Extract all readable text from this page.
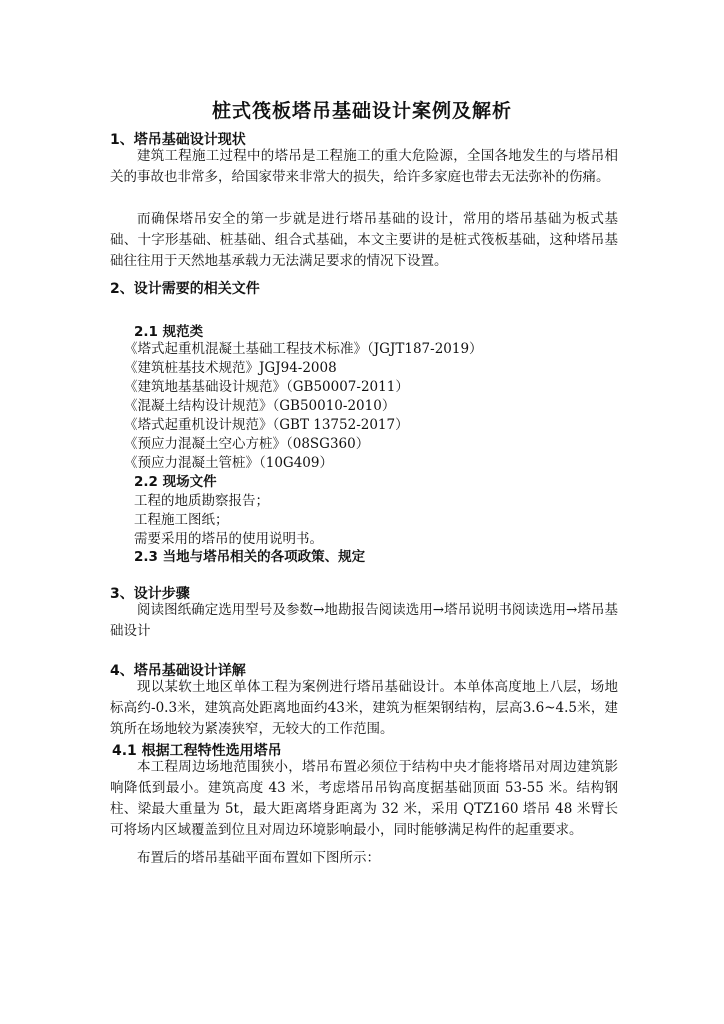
桩式筏板塔吊基础设计案例及解析
1、塔吊基础设计现状

建筑工程施工过程中的塔吊是工程施工的重大危险源，全国各地发生的与塔吊相关的事故也非常多，给国家带来非常大的损失，给许多家庭也带去无法弥补的伤痛。

而确保塔吊安全的第一步就是进行塔吊基础的设计，常用的塔吊基础为板式基础、十字形基础、桩基础、组合式基础，本文主要讲的是桩式筏板基础，这种塔吊基础往往用于天然地基承载力无法满足要求的情况下设置。

2、设计需要的相关文件
2.1 规范类
《塔式起重机混凝土基础工程技术标准》（JGJT187-2019）
《建筑桩基技术规范》JGJ94-2008
《建筑地基基础设计规范》（GB50007-2011）
《混凝土结构设计规范》（GB50010-2010）
《塔式起重机设计规范》（GBT 13752-2017）
《预应力混凝土空心方桩》（08SG360）
《预应力混凝土管桩》（10G409）
2.2 现场文件
工程的地质勘察报告；
工程施工图纸；
需要采用的塔吊的使用说明书。
2.3 当地与塔吊相关的各项政策、规定
3、设计步骤

阅读图纸确定选用型号及参数→地勘报告阅读选用→塔吊说明书阅读选用→塔吊基础设计

4、塔吊基础设计详解

现以某软土地区单体工程为案例进行塔吊基础设计。本单体高度地上八层，场地标高约-0.3米，建筑高处距离地面约43米，建筑为框架钢结构，层高3.6~4.5米，建筑所在场地较为紧凑狭窄，无较大的工作范围。

4.1 根据工程特性选用塔吊

本工程周边场地范围狭小，塔吊布置必须位于结构中央才能将塔吊对周边建筑影响降低到最小。建筑高度 43 米，考虑塔吊吊钩高度据基础顶面 53-55 米。结构钢柱、梁最大重量为 5t，最大距离塔身距离为 32 米，采用 QTZ160 塔吊 48 米臂长可将场内区域覆盖到位且对周边环境影响最小，同时能够满足构件的起重要求。

布置后的塔吊基础平面布置如下图所示：
